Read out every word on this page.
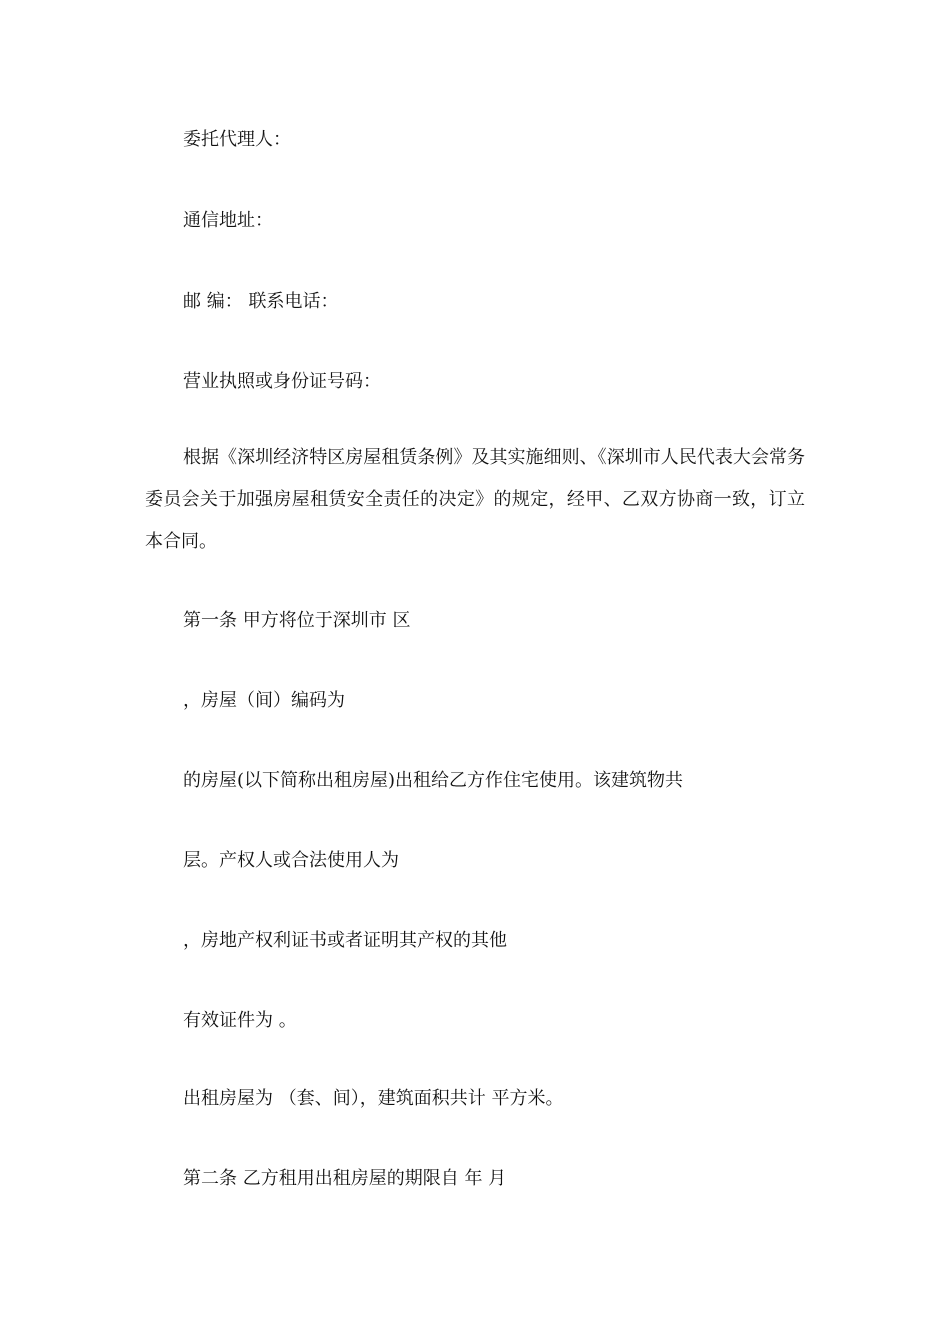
委托代理人：
通信地址：
邮 编： 联系电话：
营业执照或身份证号码：
根据《深圳经济特区房屋租赁条例》及其实施细则、《深圳市人民代表大会常务委员会关于加强房屋租赁安全责任的决定》的规定，经甲、乙双方协商一致，订立本合同。
第一条 甲方将位于深圳市 区
，房屋（间）编码为
的房屋(以下简称出租房屋)出租给乙方作住宅使用。该建筑物共
层。产权人或合法使用人为
，房地产权利证书或者证明其产权的其他
有效证件为 。
出租房屋为 （套、间），建筑面积共计 平方米。
第二条 乙方租用出租房屋的期限自 年 月
